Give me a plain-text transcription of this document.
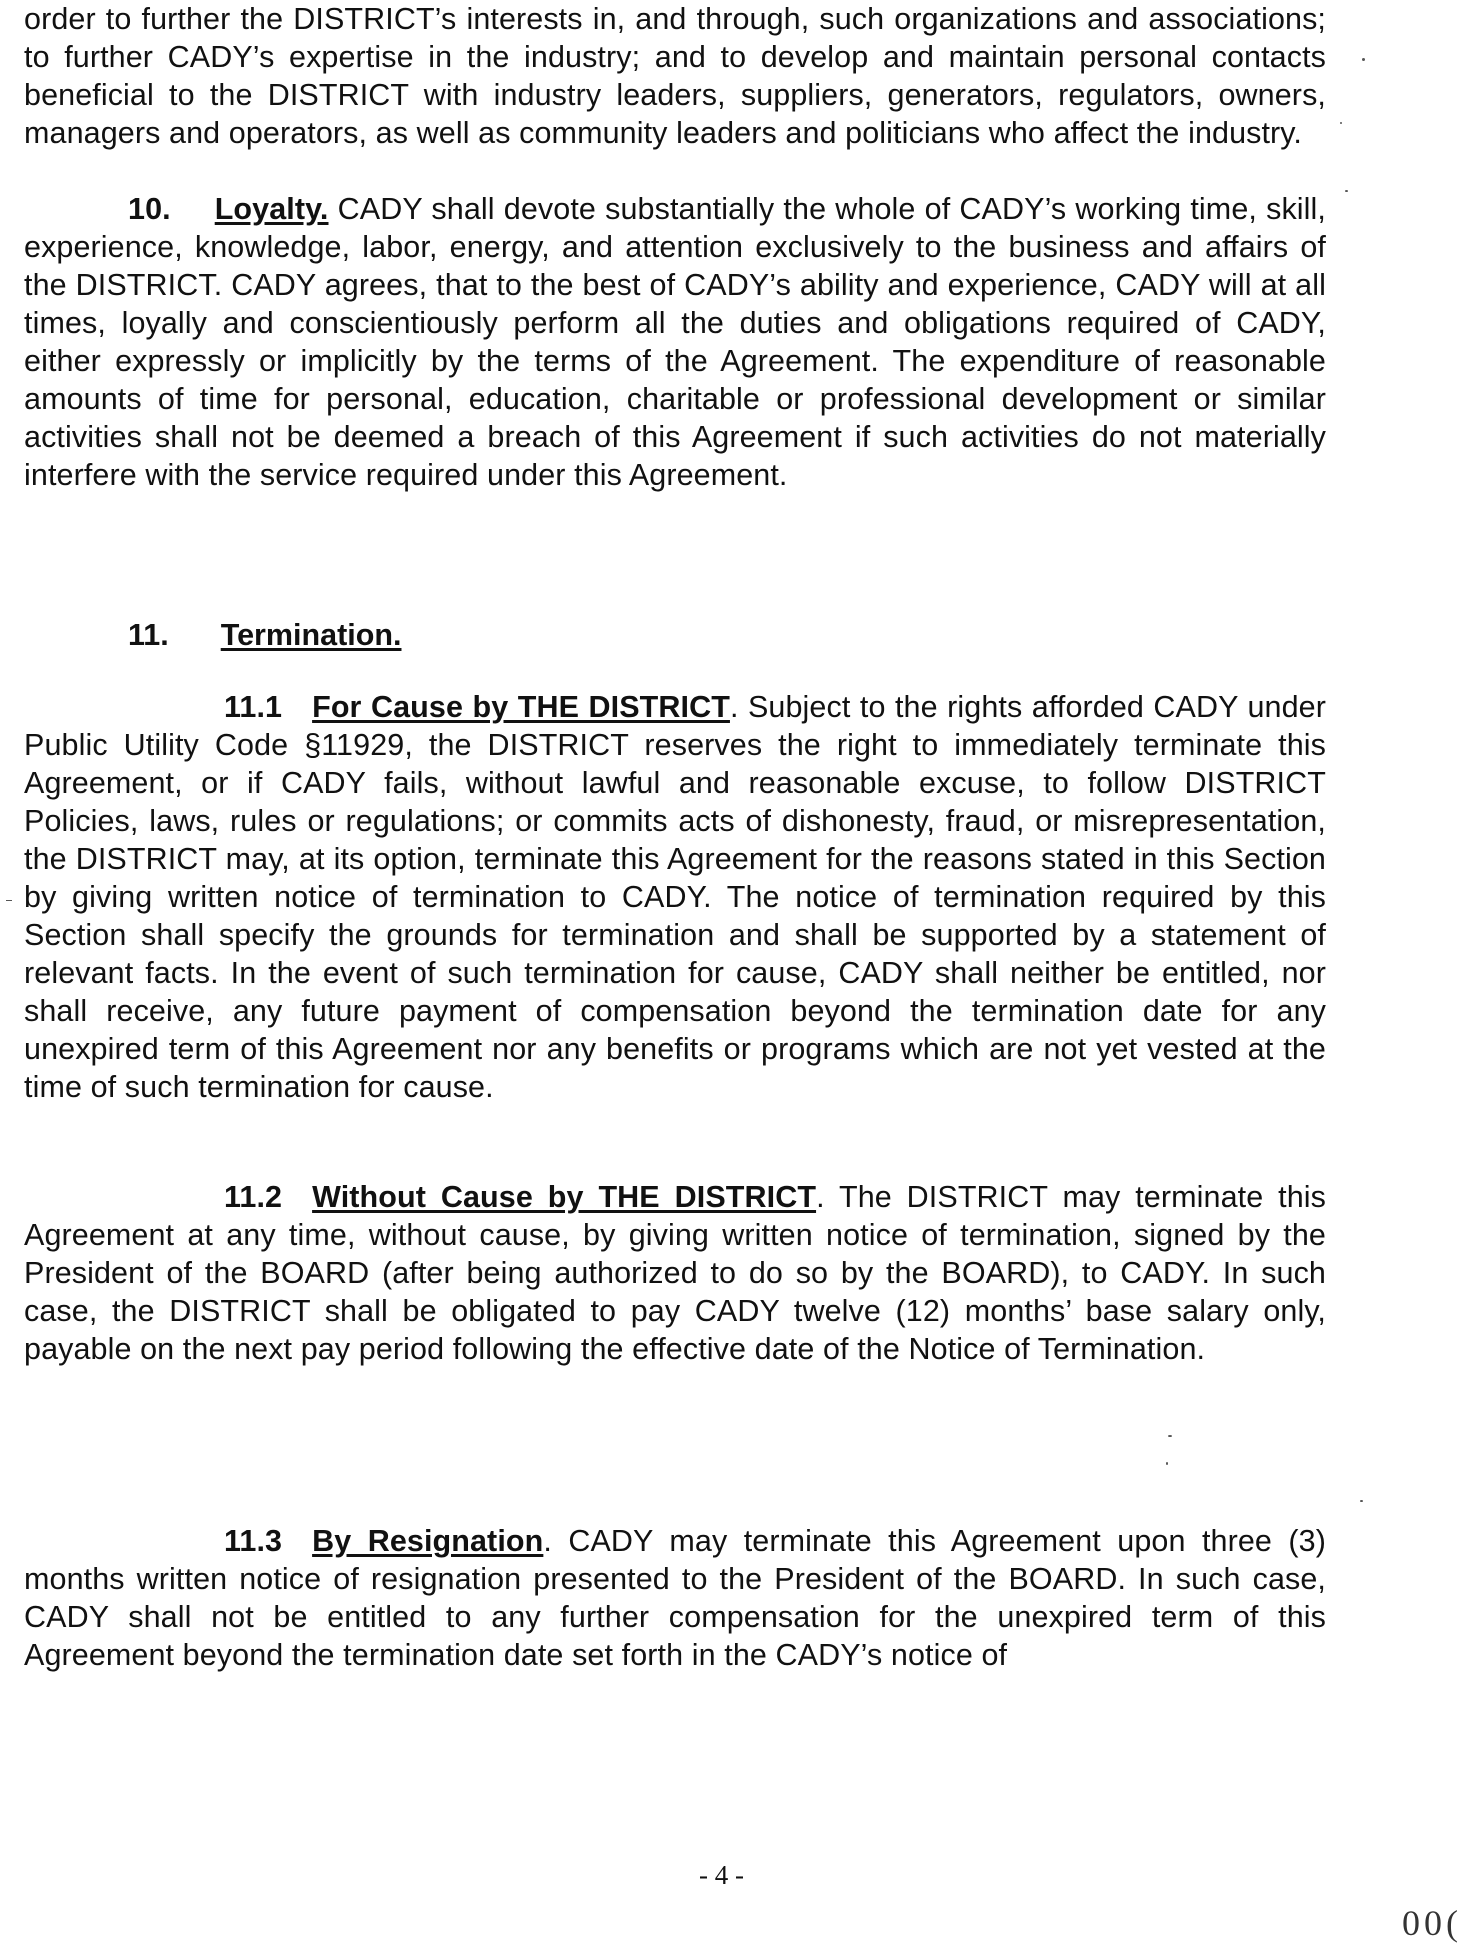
order to further the DISTRICT’s interests in, and through, such organizations and associations; to further CADY’s expertise in the industry; and to develop and maintain personal contacts beneficial to the DISTRICT with industry leaders, suppliers, generators, regulators, owners, managers and operators, as well as community leaders and politicians who affect the industry.
10. Loyalty. CADY shall devote substantially the whole of CADY’s working time, skill, experience, knowledge, labor, energy, and attention exclusively to the business and affairs of the DISTRICT. CADY agrees, that to the best of CADY’s ability and experience, CADY will at all times, loyally and conscientiously perform all the duties and obligations required of CADY, either expressly or implicitly by the terms of the Agreement. The expenditure of reasonable amounts of time for personal, education, charitable or professional development or similar activities shall not be deemed a breach of this Agreement if such activities do not materially interfere with the service required under this Agreement.
11. Termination.
11.1 For Cause by THE DISTRICT. Subject to the rights afforded CADY under Public Utility Code §11929, the DISTRICT reserves the right to immediately terminate this Agreement, or if CADY fails, without lawful and reasonable excuse, to follow DISTRICT Policies, laws, rules or regulations; or commits acts of dishonesty, fraud, or misrepresentation, the DISTRICT may, at its option, terminate this Agreement for the reasons stated in this Section by giving written notice of termination to CADY. The notice of termination required by this Section shall specify the grounds for termination and shall be supported by a statement of relevant facts. In the event of such termination for cause, CADY shall neither be entitled, nor shall receive, any future payment of compensation beyond the termination date for any unexpired term of this Agreement nor any benefits or programs which are not yet vested at the time of such termination for cause.
11.2 Without Cause by THE DISTRICT. The DISTRICT may terminate this Agreement at any time, without cause, by giving written notice of termination, signed by the President of the BOARD (after being authorized to do so by the BOARD), to CADY. In such case, the DISTRICT shall be obligated to pay CADY twelve (12) months’ base salary only, payable on the next pay period following the effective date of the Notice of Termination.
11.3 By Resignation. CADY may terminate this Agreement upon three (3) months written notice of resignation presented to the President of the BOARD. In such case, CADY shall not be entitled to any further compensation for the unexpired term of this Agreement beyond the termination date set forth in the CADY’s notice of
- 4 -
00(
